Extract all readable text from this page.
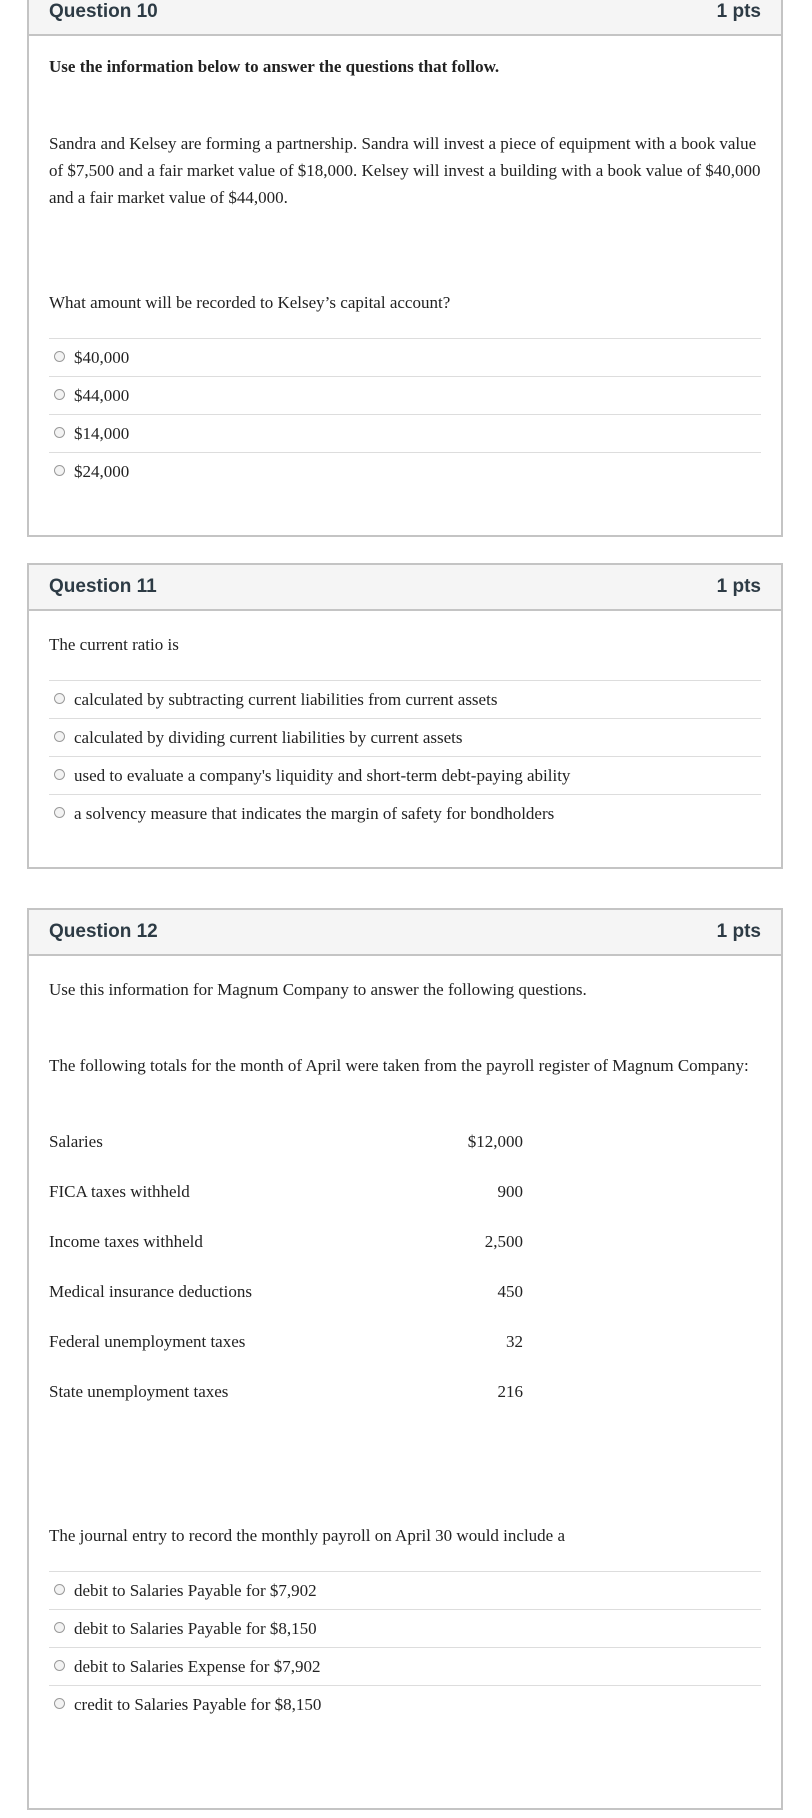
Question 10	1 pts

Use the information below to answer the questions that follow.

Sandra and Kelsey are forming a partnership. Sandra will invest a piece of equipment with a book value of $7,500 and a fair market value of $18,000. Kelsey will invest a building with a book value of $40,000 and a fair market value of $44,000.

What amount will be recorded to Kelsey’s capital account?

$40,000
$44,000
$14,000
$24,000
Question 11	1 pts

The current ratio is

calculated by subtracting current liabilities from current assets
calculated by dividing current liabilities by current assets
used to evaluate a company's liquidity and short-term debt-paying ability
a solvency measure that indicates the margin of safety for bondholders
Question 12	1 pts

Use this information for Magnum Company to answer the following questions.

The following totals for the month of April were taken from the payroll register of Magnum Company:

Salaries	$12,000
FICA taxes withheld	900
Income taxes withheld	2,500
Medical insurance deductions	450
Federal unemployment taxes	32
State unemployment taxes	216

The journal entry to record the monthly payroll on April 30 would include a

debit to Salaries Payable for $7,902
debit to Salaries Payable for $8,150
debit to Salaries Expense for $7,902
credit to Salaries Payable for $8,150
